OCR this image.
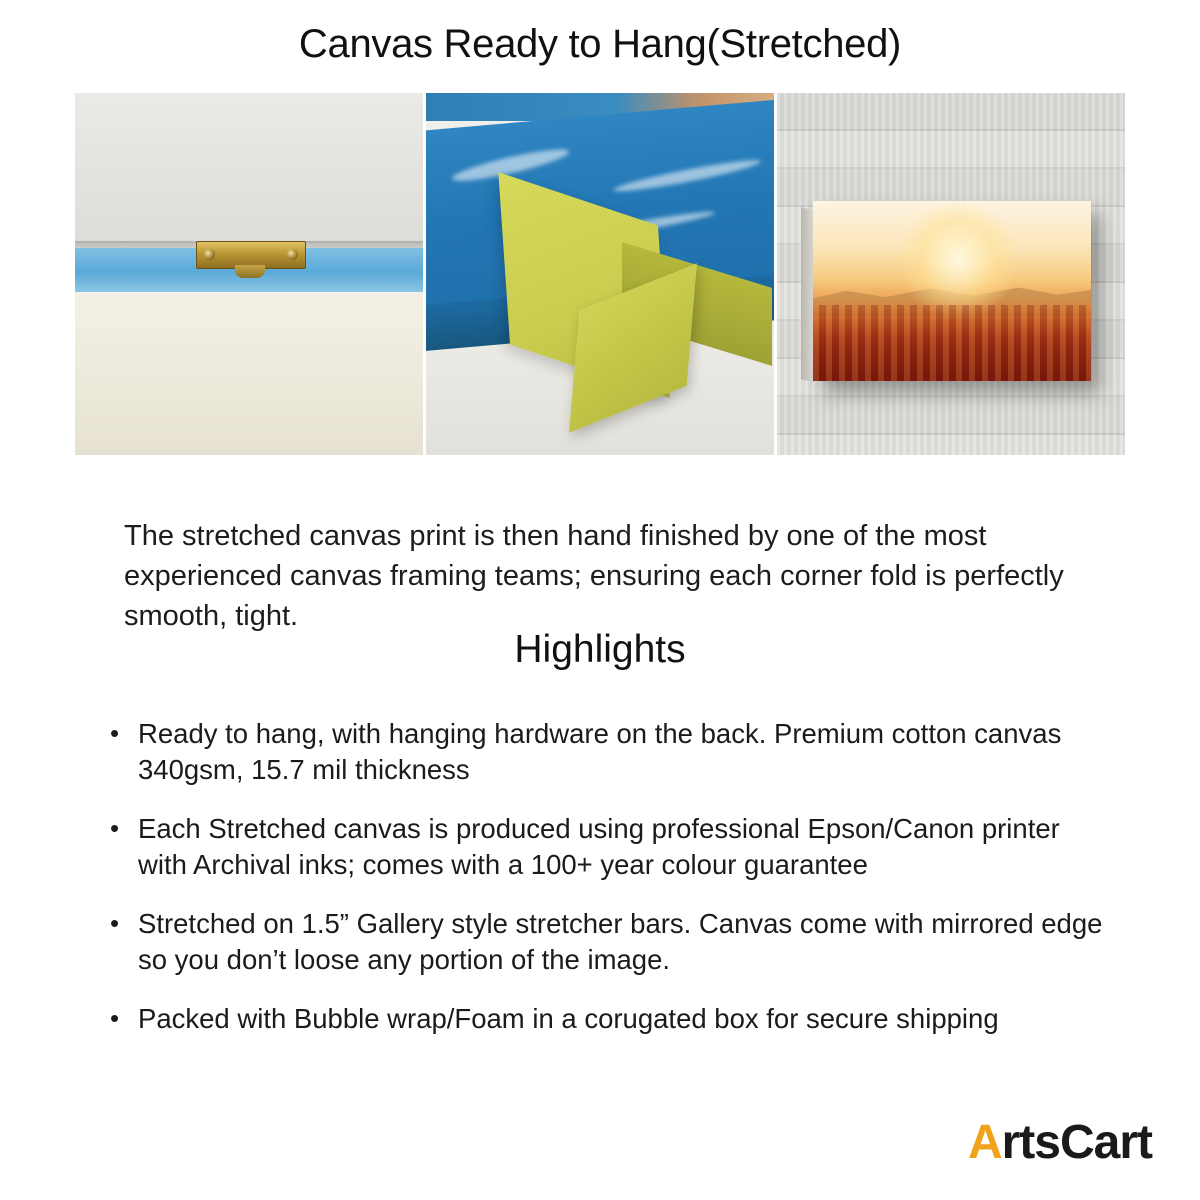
Canvas Ready to Hang(Stretched)

The stretched canvas print is then hand finished by one of the most experienced canvas framing teams; ensuring each corner fold is perfectly smooth, tight.

Highlights
• Ready to hang, with hanging hardware on the back. Premium cotton canvas 340gsm, 15.7 mil thickness
• Each Stretched canvas is produced using professional Epson/Canon printer with Archival inks; comes with a 100+ year colour guarantee
• Stretched on 1.5” Gallery style stretcher bars. Canvas come with mirrored edge so you don’t loose any portion of the image.
• Packed with Bubble wrap/Foam in a corugated box for secure shipping
ArtsCart
